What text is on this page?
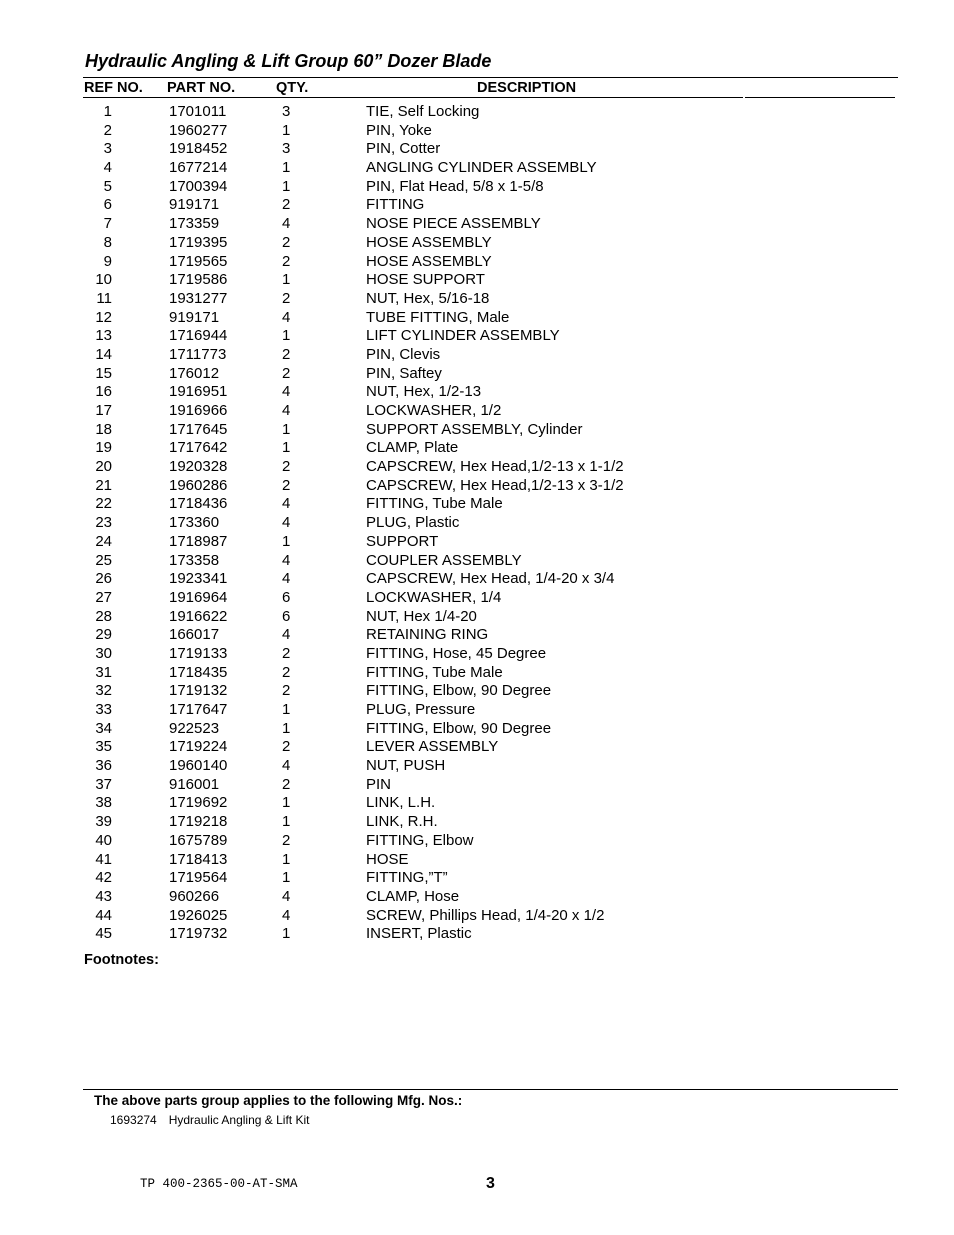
Hydraulic Angling & Lift Group 60” Dozer Blade
REF NO. PART NO.	QTY.	DESCRIPTION
1	1701011	3	TIE, Self Locking
2	1960277	1	PIN, Yoke
3	1918452	3	PIN, Cotter
4	1677214	1	ANGLING CYLINDER ASSEMBLY
5	1700394	1	PIN, Flat Head, 5/8 x 1-5/8
6	919171	2	FITTING
7	173359	4	NOSE PIECE ASSEMBLY
8	1719395	2	HOSE ASSEMBLY
9	1719565	2	HOSE ASSEMBLY
10	1719586	1	HOSE SUPPORT
11	1931277	2	NUT, Hex, 5/16-18
12	919171	4	TUBE FITTING, Male
13	1716944	1	LIFT CYLINDER ASSEMBLY
14	1711773	2	PIN, Clevis
15	176012	2	PIN, Saftey
16	1916951	4	NUT, Hex, 1/2-13
17	1916966	4	LOCKWASHER, 1/2
18	1717645	1	SUPPORT ASSEMBLY, Cylinder
19	1717642	1	CLAMP, Plate
20	1920328	2	CAPSCREW, Hex Head,1/2-13 x 1-1/2
21	1960286	2	CAPSCREW, Hex Head,1/2-13 x 3-1/2
22	1718436	4	FITTING, Tube Male
23	173360	4	PLUG, Plastic
24	1718987	1	SUPPORT
25	173358	4	COUPLER ASSEMBLY
26	1923341	4	CAPSCREW, Hex Head, 1/4-20 x 3/4
27	1916964	6	LOCKWASHER, 1/4
28	1916622	6	NUT, Hex 1/4-20
29	166017	4	RETAINING RING
30	1719133	2	FITTING, Hose, 45 Degree
31	1718435	2	FITTING, Tube Male
32	1719132	2	FITTING, Elbow, 90 Degree
33	1717647	1	PLUG, Pressure
34	922523	1	FITTING, Elbow, 90 Degree
35	1719224	2	LEVER ASSEMBLY
36	1960140	4	NUT, PUSH
37	916001	2	PIN
38	1719692	1	LINK, L.H.
39	1719218	1	LINK, R.H.
40	1675789	2	FITTING, Elbow
41	1718413	1	HOSE
42	1719564	1	FITTING,”T”
43	960266	4	CLAMP, Hose
44	1926025	4	SCREW, Phillips Head, 1/4-20 x 1/2
45	1719732	1	INSERT, Plastic
Footnotes:
The above parts group applies to the following Mfg. Nos.:
1693274 Hydraulic Angling & Lift Kit
TP 400-2365-00-AT-SMA	3
